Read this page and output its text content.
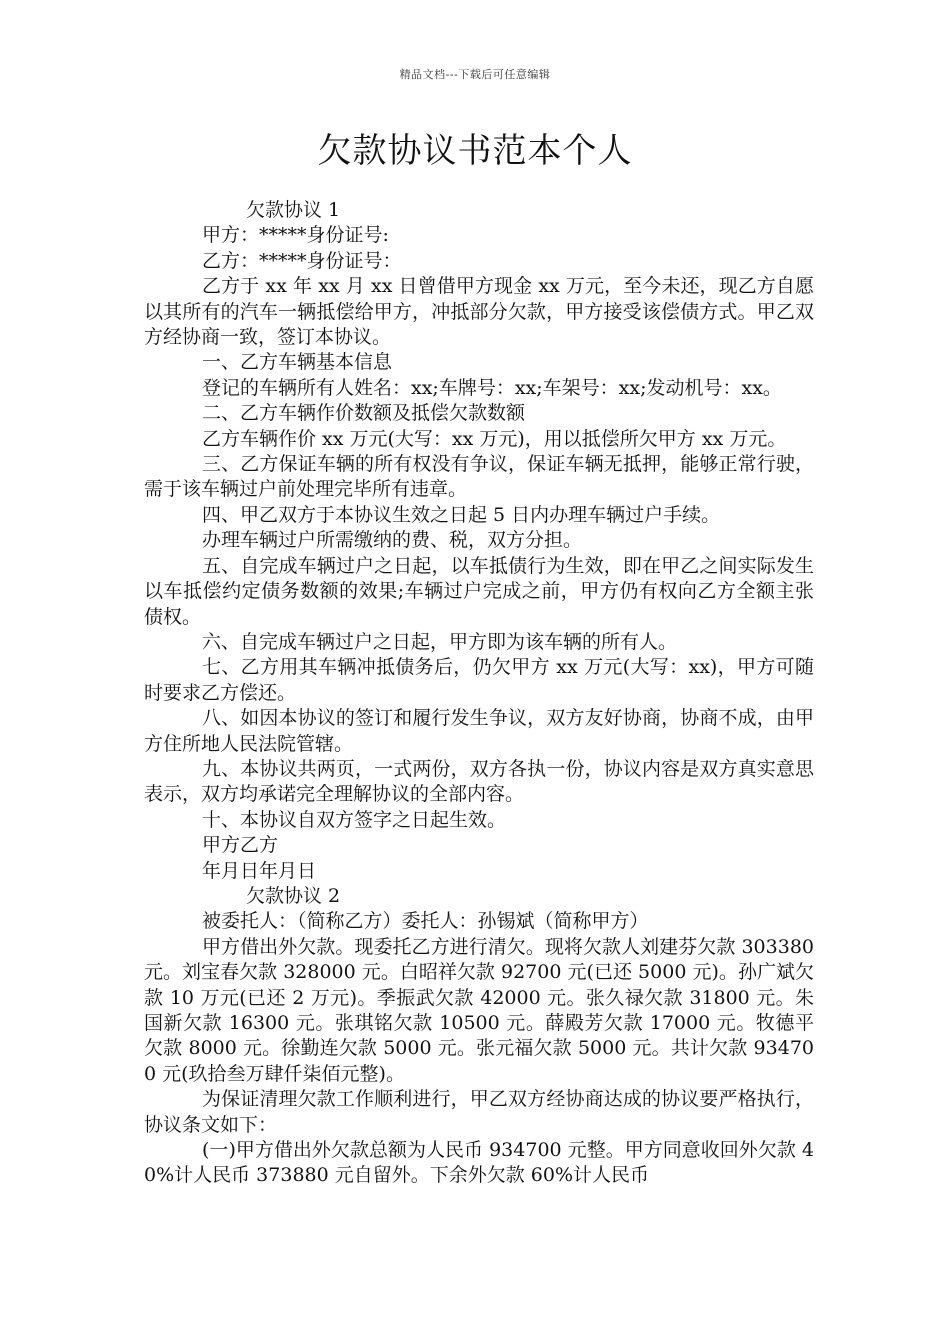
精品文档---下载后可任意编辑
欠款协议书范本个人

欠款协议 1

甲方：*****身份证号:

乙方：*****身份证号：

乙方于 xx 年 xx 月 xx 日曾借甲方现金 xx 万元，至今未还，现乙方自愿以其所有的汽车一辆抵偿给甲方，冲抵部分欠款，甲方接受该偿债方式。甲乙双方经协商一致，签订本协议。

一、乙方车辆基本信息

登记的车辆所有人姓名：xx;车牌号：xx;车架号：xx;发动机号：xx。

二、乙方车辆作价数额及抵偿欠款数额

乙方车辆作价 xx 万元(大写：xx 万元)，用以抵偿所欠甲方 xx 万元。

三、乙方保证车辆的所有权没有争议，保证车辆无抵押，能够正常行驶，需于该车辆过户前处理完毕所有违章。

四、甲乙双方于本协议生效之日起 5 日内办理车辆过户手续。

办理车辆过户所需缴纳的费、税，双方分担。

五、自完成车辆过户之日起，以车抵债行为生效，即在甲乙之间实际发生以车抵偿约定债务数额的效果;车辆过户完成之前，甲方仍有权向乙方全额主张债权。

六、自完成车辆过户之日起，甲方即为该车辆的所有人。

七、乙方用其车辆冲抵债务后，仍欠甲方 xx 万元(大写：xx)，甲方可随时要求乙方偿还。

八、如因本协议的签订和履行发生争议，双方友好协商，协商不成，由甲方住所地人民法院管辖。

九、本协议共两页，一式两份，双方各执一份，协议内容是双方真实意思表示，双方均承诺完全理解协议的全部内容。

十、本协议自双方签字之日起生效。

甲方乙方

年月日年月日

欠款协议 2

被委托人：（简称乙方）委托人：孙锡斌（简称甲方）

甲方借出外欠款。现委托乙方进行清欠。现将欠款人刘建芬欠款 303380 元。刘宝春欠款 328000 元。白昭祥欠款 92700 元(已还 5000 元)。孙广斌欠款 10 万元(已还 2 万元)。季振武欠款 42000 元。张久禄欠款 31800 元。朱国新欠款 16300 元。张琪铭欠款 10500 元。薛殿芳欠款 17000 元。牧德平欠款 8000 元。徐勤连欠款 5000 元。张元福欠款 5000 元。共计欠款 934700 元(玖拾叁万肆仟柒佰元整)。

为保证清理欠款工作顺利进行，甲乙双方经协商达成的协议要严格执行，协议条文如下：

(一)甲方借出外欠款总额为人民币 934700 元整。甲方同意收回外欠款 40%计人民币 373880 元自留外。下余外欠款 60%计人民币
